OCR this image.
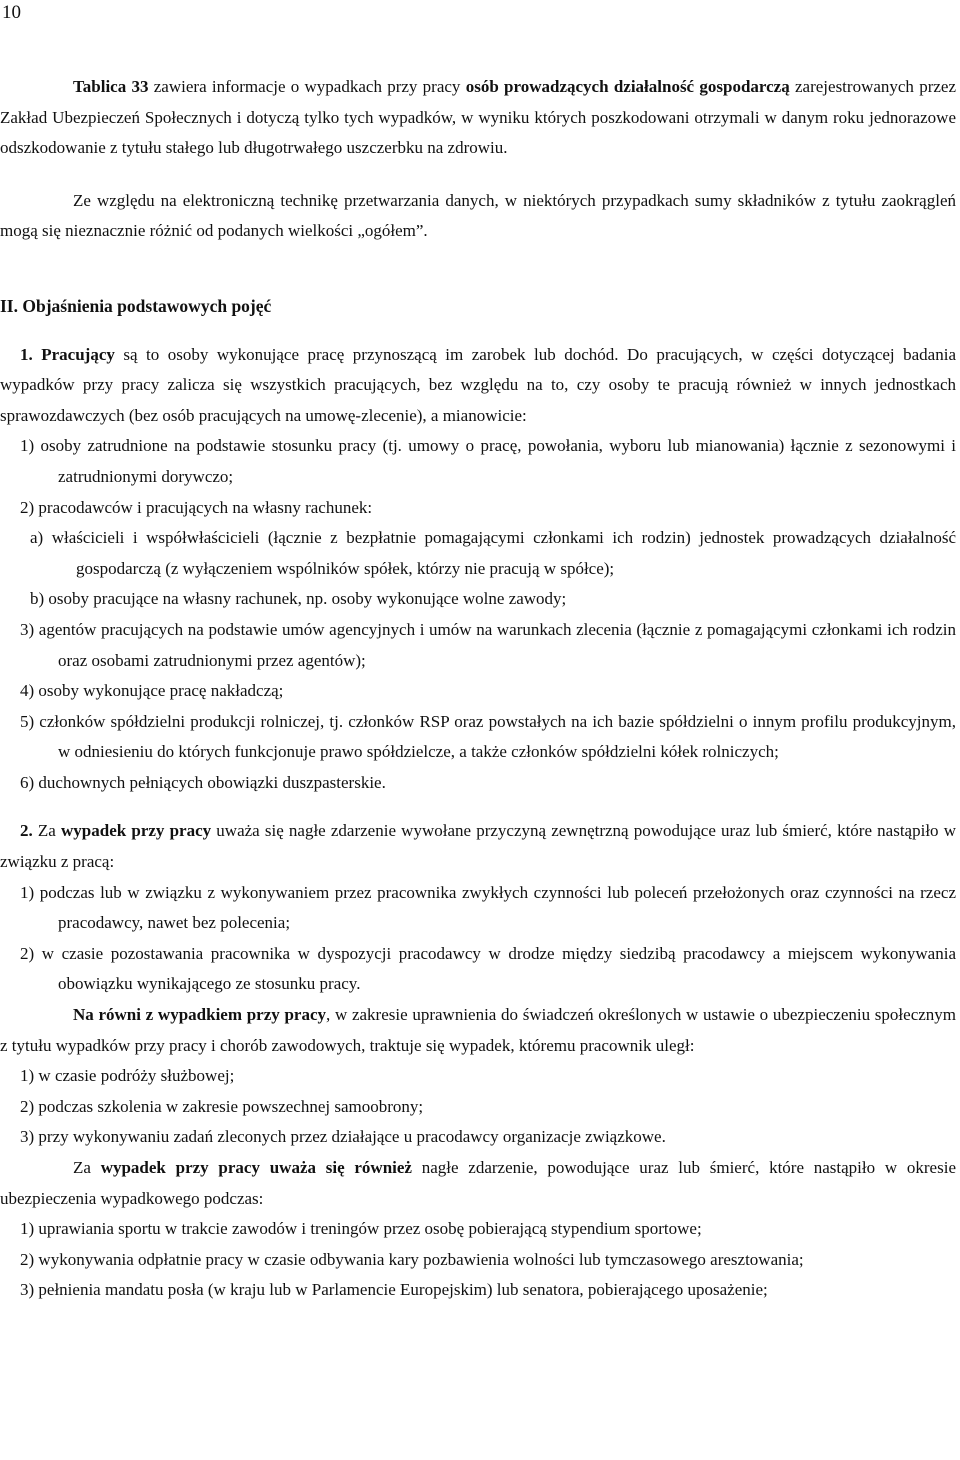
10

Tablica 33 zawiera informacje o wypadkach przy pracy osób prowadzących działalność gospodarczą zarejestrowanych przez Zakład Ubezpieczeń Społecznych i dotyczą tylko tych wypadków, w wyniku których poszkodowani otrzymali w danym roku jednorazowe odszkodowanie z tytułu stałego lub długotrwałego uszczerbku na zdrowiu.

Ze względu na elektroniczną technikę przetwarzania danych, w niektórych przypadkach sumy składników z tytułu zaokrągleń mogą się nieznacznie różnić od podanych wielkości „ogółem”.

II. Objaśnienia podstawowych pojęć

1. Pracujący są to osoby wykonujące pracę przynoszącą im zarobek lub dochód. Do pracujących, w części dotyczącej badania wypadków przy pracy zalicza się wszystkich pracujących, bez względu na to, czy osoby te pracują również w innych jednostkach sprawozdawczych (bez osób pracujących na umowę-zlecenie), a mianowicie:

1) osoby zatrudnione na podstawie stosunku pracy (tj. umowy o pracę, powołania, wyboru lub mianowania) łącznie z sezonowymi i zatrudnionymi dorywczo;

2) pracodawców i pracujących na własny rachunek:

a) właścicieli i współwłaścicieli (łącznie z bezpłatnie pomagającymi członkami ich rodzin) jednostek prowadzących działalność gospodarczą (z wyłączeniem wspólników spółek, którzy nie pracują w spółce);

b) osoby pracujące na własny rachunek, np. osoby wykonujące wolne zawody;

3) agentów pracujących na podstawie umów agencyjnych i umów na warunkach zlecenia (łącznie z pomagającymi członkami ich rodzin oraz osobami zatrudnionymi przez agentów);

4) osoby wykonujące pracę nakładczą;

5) członków spółdzielni produkcji rolniczej, tj. członków RSP oraz powstałych na ich bazie spółdzielni o innym profilu produkcyjnym, w odniesieniu do których funkcjonuje prawo spółdzielcze, a także członków spółdzielni kółek rolniczych;

6) duchownych pełniących obowiązki duszpasterskie.

2. Za wypadek przy pracy uważa się nagłe zdarzenie wywołane przyczyną zewnętrzną powodujące uraz lub śmierć, które nastąpiło w związku z pracą:

1) podczas lub w związku z wykonywaniem przez pracownika zwykłych czynności lub poleceń przełożonych oraz czynności na rzecz pracodawcy, nawet bez polecenia;

2) w czasie pozostawania pracownika w dyspozycji pracodawcy w drodze między siedzibą pracodawcy a miejscem wykonywania obowiązku wynikającego ze stosunku pracy.

Na równi z wypadkiem przy pracy, w zakresie uprawnienia do świadczeń określonych w ustawie o ubezpieczeniu społecznym z tytułu wypadków przy pracy i chorób zawodowych, traktuje się wypadek, któremu pracownik uległ:

1) w czasie podróży służbowej;

2) podczas szkolenia w zakresie powszechnej samoobrony;

3) przy wykonywaniu zadań zleconych przez działające u pracodawcy organizacje związkowe.

Za wypadek przy pracy uważa się również nagłe zdarzenie, powodujące uraz lub śmierć, które nastąpiło w okresie ubezpieczenia wypadkowego podczas:

1) uprawiania sportu w trakcie zawodów i treningów przez osobę pobierającą stypendium sportowe;

2) wykonywania odpłatnie pracy w czasie odbywania kary pozbawienia wolności lub tymczasowego aresztowania;

3) pełnienia mandatu posła (w kraju lub w Parlamencie Europejskim) lub senatora, pobierającego uposażenie;
